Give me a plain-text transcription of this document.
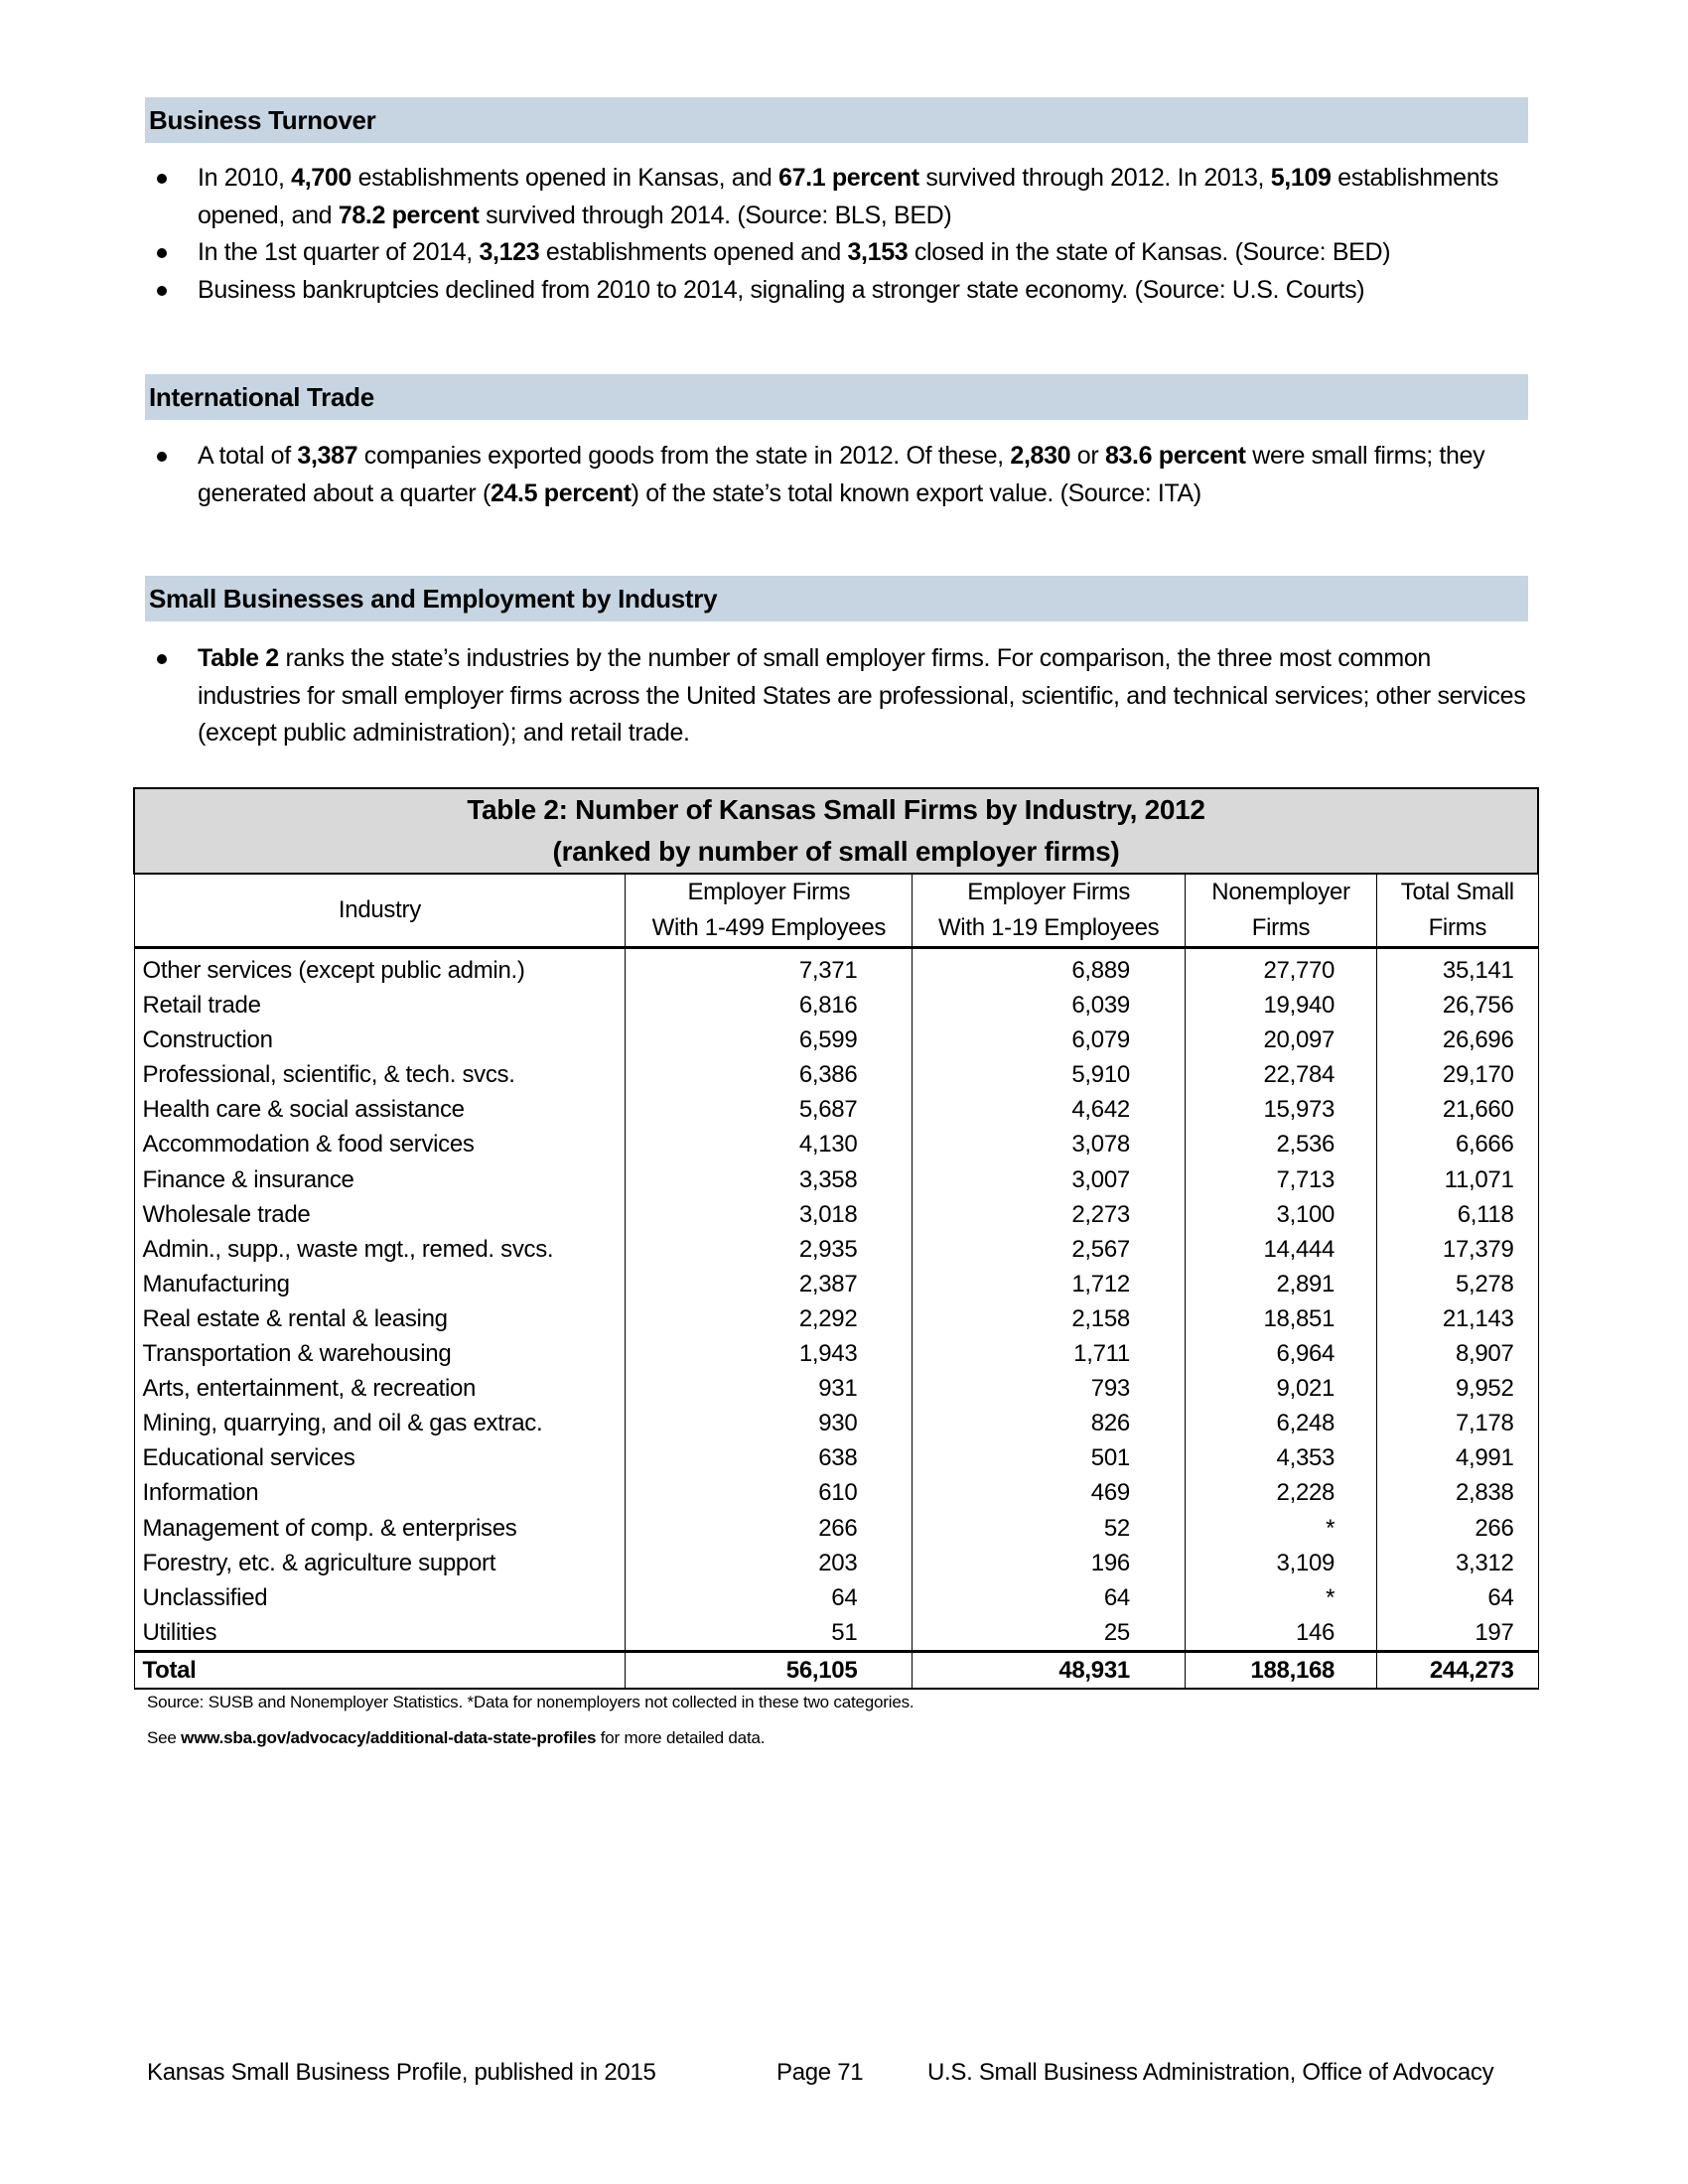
Business Turnover
In 2010, 4,700 establishments opened in Kansas, and 67.1 percent survived through 2012. In 2013, 5,109 establishments opened, and 78.2 percent survived through 2014. (Source: BLS, BED)
In the 1st quarter of 2014, 3,123 establishments opened and 3,153 closed in the state of Kansas. (Source: BED)
Business bankruptcies declined from 2010 to 2014, signaling a stronger state economy. (Source: U.S. Courts)
International Trade
A total of 3,387 companies exported goods from the state in 2012. Of these, 2,830 or 83.6 percent were small firms; they generated about a quarter (24.5 percent) of the state’s total known export value. (Source: ITA)
Small Businesses and Employment by Industry
Table 2 ranks the state’s industries by the number of small employer firms. For comparison, the three most common industries for small employer firms across the United States are professional, scientific, and technical services; other services (except public administration); and retail trade.
Table 2: Number of Kansas Small Firms by Industry, 2012
(ranked by number of small employer firms)				

Industry	
Employer Firms
With 1-499 Employees

Employer Firms
With 1-19 Employees

Nonemployer
Firms

Total Small
Firms

Other services (except public admin.)	7,371	6,889	27,770	35,141
Retail trade	6,816	6,039	19,940	26,756
Construction	6,599	6,079	20,097	26,696
Professional, scientific, & tech. svcs.	6,386	5,910	22,784	29,170
Health care & social assistance	5,687	4,642	15,973	21,660
Accommodation & food services	4,130	3,078	2,536	6,666
Finance & insurance	3,358	3,007	7,713	11,071
Wholesale trade	3,018	2,273	3,100	6,118
Admin., supp., waste mgt., remed. svcs.	2,935	2,567	14,444	17,379
Manufacturing	2,387	1,712	2,891	5,278
Real estate & rental & leasing	2,292	2,158	18,851	21,143
Transportation & warehousing	1,943	1,711	6,964	8,907
Arts, entertainment, & recreation	931	793	9,021	9,952
Mining, quarrying, and oil & gas extrac.	930	826	6,248	7,178
Educational services	638	501	4,353	4,991
Information	610	469	2,228	2,838
Management of comp. & enterprises	266	52	*	266
Forestry, etc. & agriculture support	203	196	3,109	3,312
Unclassified	64	64	*	64
Utilities	51	25	146	197
Total	56,105	48,931	188,168	244,273
Source: SUSB and Nonemployer Statistics. *Data for nonemployers not collected in these two categories.
See www.sba.gov/advocacy/additional-data-state-profiles for more detailed data.
Kansas Small Business Profile, published in 2015	Page 71	U.S. Small Business Administration, Office of Advocacy
